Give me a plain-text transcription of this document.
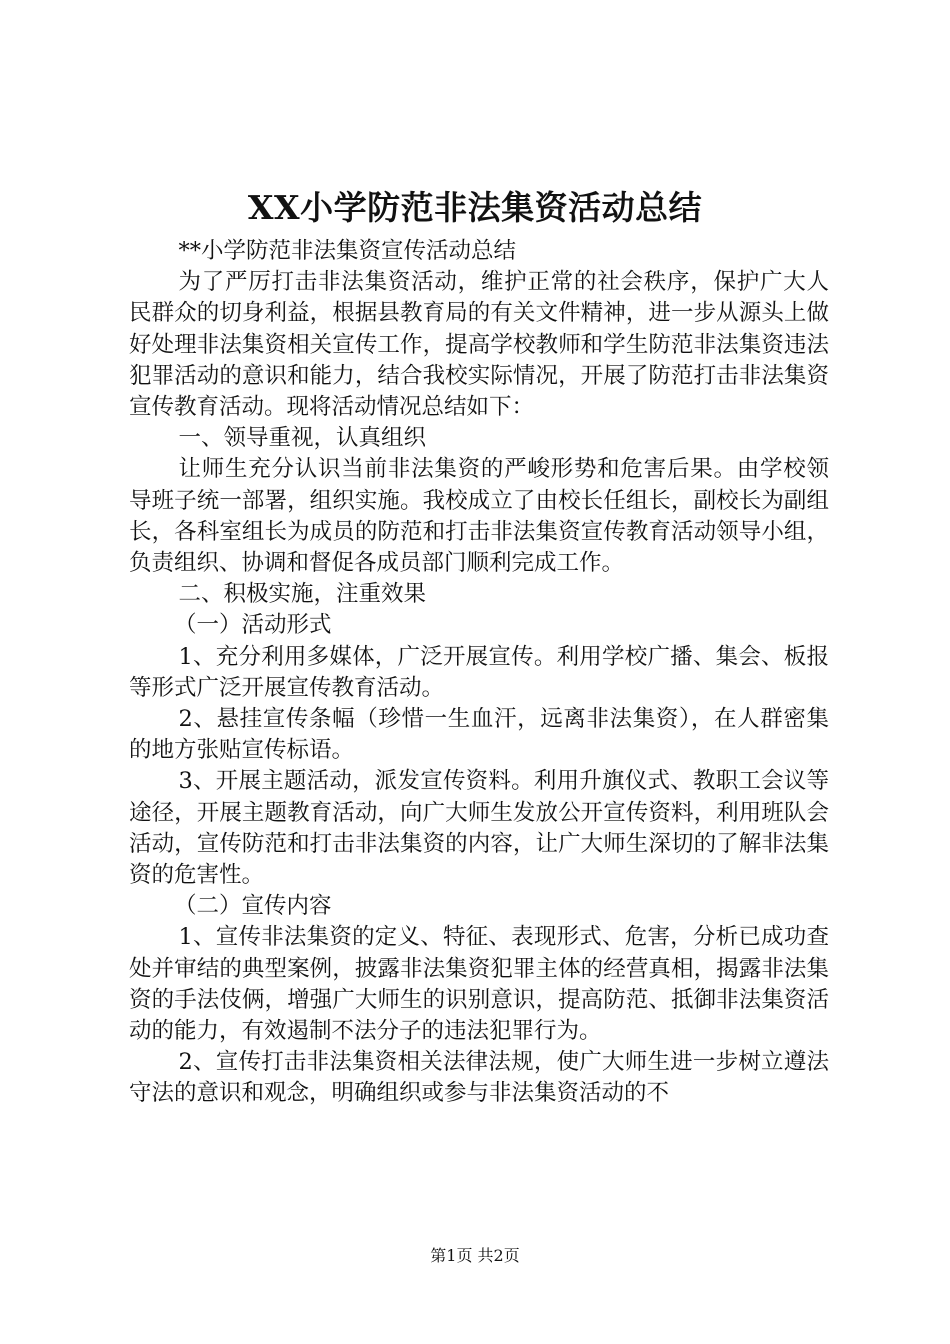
XX小学防范非法集资活动总结

**小学防范非法集资宣传活动总结

为了严厉打击非法集资活动，维护正常的社会秩序，保护广大人民群众的切身利益，根据县教育局的有关文件精神，进一步从源头上做好处理非法集资相关宣传工作，提高学校教师和学生防范非法集资违法犯罪活动的意识和能力，结合我校实际情况，开展了防范打击非法集资宣传教育活动。现将活动情况总结如下：

一、领导重视，认真组织

让师生充分认识当前非法集资的严峻形势和危害后果。由学校领导班子统一部署，组织实施。我校成立了由校长任组长，副校长为副组长，各科室组长为成员的防范和打击非法集资宣传教育活动领导小组，负责组织、协调和督促各成员部门顺利完成工作。

二、积极实施，注重效果

（一）活动形式

1、充分利用多媒体，广泛开展宣传。利用学校广播、集会、板报等形式广泛开展宣传教育活动。

2、悬挂宣传条幅（珍惜一生血汗，远离非法集资），在人群密集的地方张贴宣传标语。

3、开展主题活动，派发宣传资料。利用升旗仪式、教职工会议等途径，开展主题教育活动，向广大师生发放公开宣传资料，利用班队会活动，宣传防范和打击非法集资的内容，让广大师生深切的了解非法集资的危害性。

（二）宣传内容

1、宣传非法集资的定义、特征、表现形式、危害，分析已成功查处并审结的典型案例，披露非法集资犯罪主体的经营真相，揭露非法集资的手法伎俩，增强广大师生的识别意识，提高防范、抵御非法集资活动的能力，有效遏制不法分子的违法犯罪行为。

2、宣传打击非法集资相关法律法规，使广大师生进一步树立遵法守法的意识和观念，明确组织或参与非法集资活动的不

第1页 共2页
